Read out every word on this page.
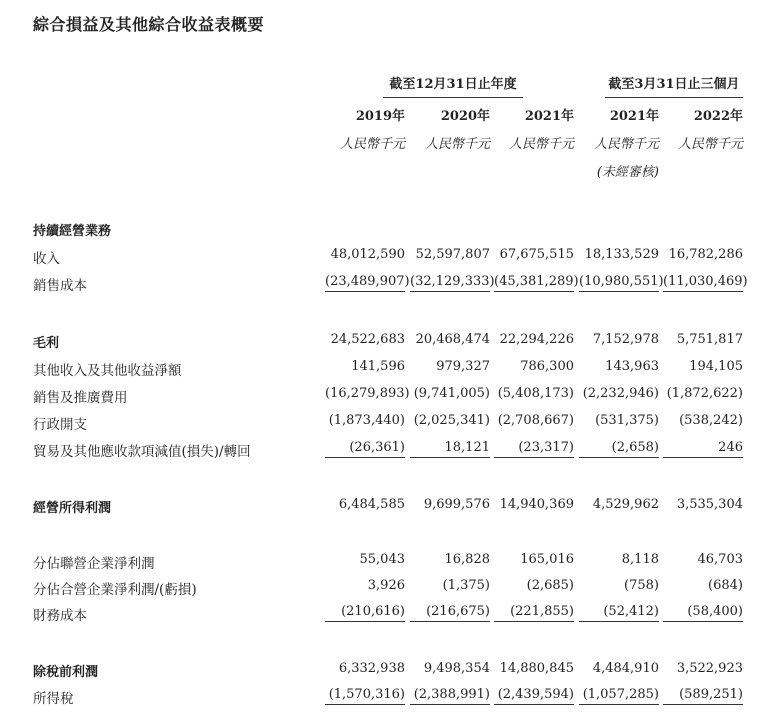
綜合損益及其他綜合收益表概要
截至12月31日止年度	截至3月31日止三個月
2019年	2020年	2021年	2021年	2022年
人民幣千元	人民幣千元	人民幣千元	人民幣千元	人民幣千元
(未經審核)
持續經營業務
收入	48,012,590 52,597,807 67,675,515 18,133,529 16,782,286
銷售成本	(23,489,907) (32,129,333) (45,381,289) (10,980,551) (11,030,469)
毛利	24,522,683 20,468,474 22,294,226	7,152,978	5,751,817
其他收入及其他收益淨額	141,596	979,327	786,300	143,963	194,105
銷售及推廣費用	(16,279,893) (9,741,005) (5,408,173) (2,232,946) (1,872,622)
行政開支	(1,873,440) (2,025,341) (2,708,667)	(531,375)	(538,242)
貿易及其他應收款項減值(損失)/轉回	(26,361)	18,121	(23,317)	(2,658)	246
經營所得利潤	6,484,585	9,699,576 14,940,369	4,529,962	3,535,304
分佔聯營企業淨利潤	55,043	16,828	165,016	8,118	46,703
分佔合營企業淨利潤/(虧損)	3,926	(1,375)	(2,685)	(758)	(684)
財務成本	(210,616)	(216,675)	(221,855)	(52,412)	(58,400)
除稅前利潤	6,332,938	9,498,354 14,880,845	4,484,910	3,522,923
所得稅	(1,570,316) (2,388,991) (2,439,594) (1,057,285)	(589,251)
